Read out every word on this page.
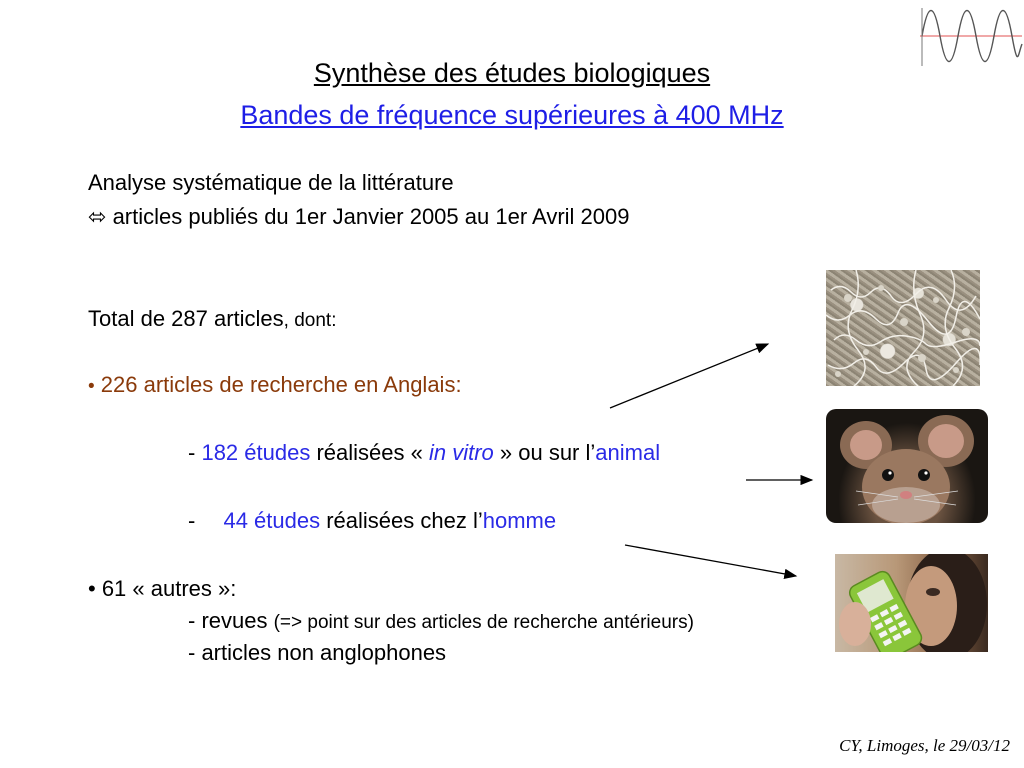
Synthèse des études biologiques
Bandes de fréquence supérieures à 400 MHz
Analyse systématique de la littérature
⬄ articles publiés du 1er Janvier 2005 au 1er Avril 2009
Total de 287 articles, dont:
• 226 articles de recherche en Anglais:
- 182 études réalisées « in vitro » ou sur l’animal
- 44 études réalisées chez l’homme
• 61 « autres »:
- revues (=> point sur des articles de recherche antérieurs)
- articles non anglophones
CY, Limoges, le 29/03/12
